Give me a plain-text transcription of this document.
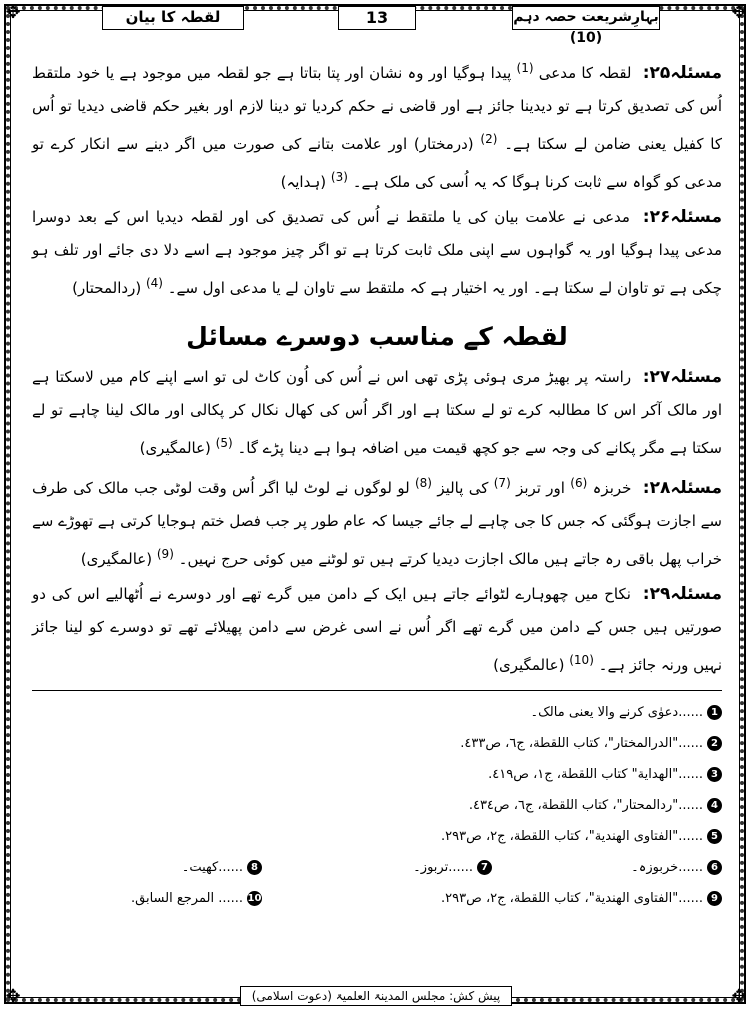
✥	✥
✥	✥
لقطہ کا بیان	13	بہارِشریعت حصہ دہم (10)

مسئلہ۲۵: لقطہ کا مدعی $^{(1)}$ پیدا ہوگیا اور وہ نشان اور پتا بتاتا ہے جو لقطہ میں موجود ہے یا خود ملتقط اُس کی تصدیق کرتا ہے تو دیدینا جائز ہے اور قاضی نے حکم کردیا تو دینا لازم اور بغیر حکم قاضی دیدیا تو اُس کا کفیل یعنی ضامن لے سکتا ہے۔ $^{(2)}$ (درمختار) اور علامت بتانے کی صورت میں اگر دینے سے انکار کرے تو مدعی کو گواہ سے ثابت کرنا ہوگا کہ یہ اُسی کی ملک ہے۔ $^{(3)}$ (ہدایہ)

مسئلہ۲۶: مدعی نے علامت بیان کی یا ملتقط نے اُس کی تصدیق کی اور لقطہ دیدیا اس کے بعد دوسرا مدعی پیدا ہوگیا اور یہ گواہوں سے اپنی ملک ثابت کرتا ہے تو اگر چیز موجود ہے اسے دلا دی جائے اور تلف ہو چکی ہے تو تاوان لے سکتا ہے۔ اور یہ اختیار ہے کہ ملتقط سے تاوان لے یا مدعی اول سے۔ $^{(4)}$ (ردالمحتار)

لقطہ کے مناسب دوسرے مسائل

مسئلہ۲۷: راستہ پر بھیڑ مری ہوئی پڑی تھی اس نے اُس کی اُون کاٹ لی تو اسے اپنے کام میں لاسکتا ہے اور مالک آکر اس کا مطالبہ کرے تو لے سکتا ہے اور اگر اُس کی کھال نکال کر پکالی اور مالک لینا چاہے تو لے سکتا ہے مگر پکانے کی وجہ سے جو کچھ قیمت میں اضافہ ہوا ہے دینا پڑے گا۔ $^{(5)}$ (عالمگیری)

مسئلہ۲۸: خربزہ $^{(6)}$ اور تربز $^{(7)}$ کی پالیز $^{(8)}$ لو لوگوں نے لوٹ لیا اگر اُس وقت لوٹی جب مالک کی طرف سے اجازت ہوگئی کہ جس کا جی چاہے لے جائے جیسا کہ عام طور پر جب فصل ختم ہوجایا کرتی ہے تھوڑے سے خراب پھل باقی رہ جاتے ہیں مالک اجازت دیدیا کرتے ہیں تو لوٹنے میں کوئی حرج نہیں۔ $^{(9)}$ (عالمگیری)

مسئلہ۲۹: نکاح میں چھوہارے لٹوائے جاتے ہیں ایک کے دامن میں گرے تھے اور دوسرے نے اُٹھالیے اس کی دو صورتیں ہیں جس کے دامن میں گرے تھے اگر اُس نے اسی غرض سے دامن پھیلائے تھے تو دوسرے کو لینا جائز نہیں ورنہ جائز ہے۔ $^{(10)}$ (عالمگیری)

1
......دعوٰی کرنے والا یعنی مالک۔
2
......"الدرالمختار"، کتاب اللقطة، ج٦، ص٤٣٣.
3
......"الهداية" کتاب اللقطة، ج١، ص٤١٩.
4
......"ردالمحتار"، کتاب اللقطة، ج٦، ص٤٣٤.
5
......"الفتاوی الهندية"، کتاب اللقطة، ج٢، ص٢٩٣.
6
......خربوزہ۔
7
......تربوز۔
8
......کھیت۔
9
......"الفتاوی الهندية"، کتاب اللقطة، ج٢، ص٢٩٣.
10
...... المرجع السابق.
پیش کش: مجلس المدینۃ العلمیۃ (دعوت اسلامی)
